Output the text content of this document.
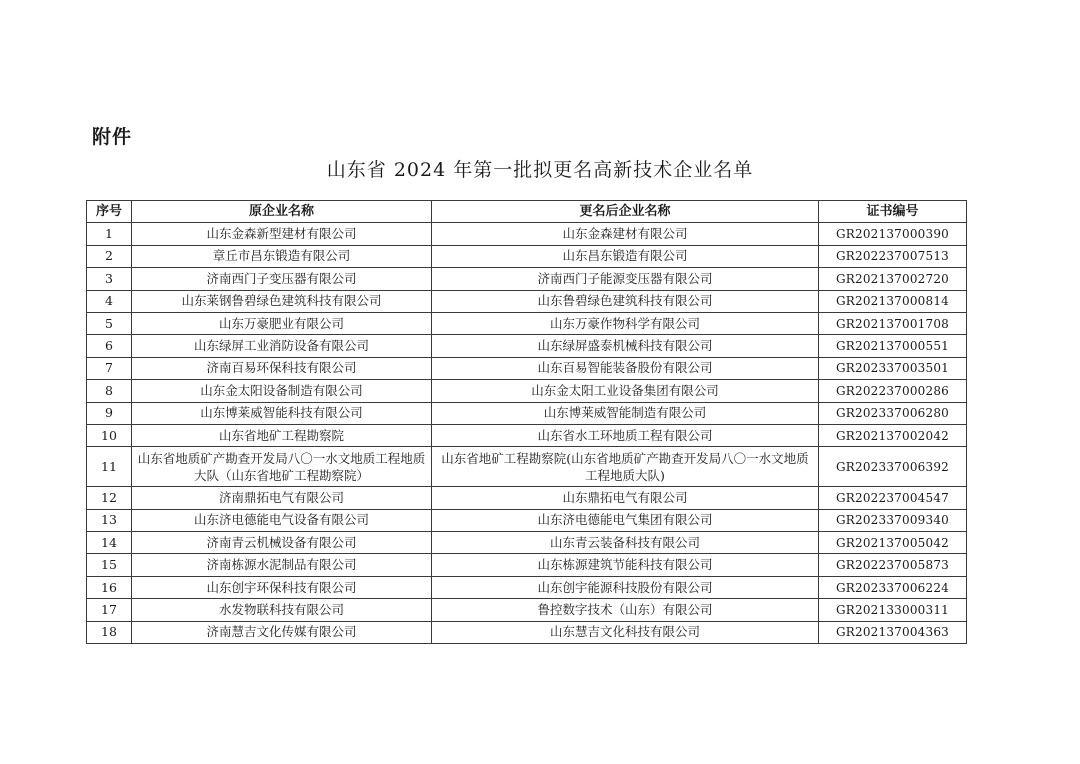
附件
山东省 2024 年第一批拟更名高新技术企业名单
序号	原企业名称	更名后企业名称	证书编号
1	山东金森新型建材有限公司	山东金森建材有限公司	GR202137000390
2	章丘市昌东锻造有限公司	山东昌东锻造有限公司	GR202237007513
3	济南西门子变压器有限公司	济南西门子能源变压器有限公司	GR202137002720
4	山东莱钢鲁碧绿色建筑科技有限公司	山东鲁碧绿色建筑科技有限公司	GR202137000814
5	山东万豪肥业有限公司	山东万豪作物科学有限公司	GR202137001708
6	山东绿屏工业消防设备有限公司	山东绿屏盛泰机械科技有限公司	GR202137000551
7	济南百易环保科技有限公司	山东百易智能装备股份有限公司	GR202337003501
8	山东金太阳设备制造有限公司	山东金太阳工业设备集团有限公司	GR202237000286
9	山东博莱威智能科技有限公司	山东博莱威智能制造有限公司	GR202337006280
10	山东省地矿工程勘察院	山东省水工环地质工程有限公司	GR202137002042
11	山东省地质矿产勘查开发局八〇一水文地质工程地质大队（山东省地矿工程勘察院）	山东省地矿工程勘察院(山东省地质矿产勘查开发局八〇一水文地质工程地质大队)	GR202337006392
12	济南鼎拓电气有限公司	山东鼎拓电气有限公司	GR202237004547
13	山东济电德能电气设备有限公司	山东济电德能电气集团有限公司	GR202337009340
14	济南青云机械设备有限公司	山东青云装备科技有限公司	GR202137005042
15	济南栋源水泥制品有限公司	山东栋源建筑节能科技有限公司	GR202237005873
16	山东创宇环保科技有限公司	山东创宇能源科技股份有限公司	GR202337006224
17	水发物联科技有限公司	鲁控数字技术（山东）有限公司	GR202133000311
18	济南慧吉文化传媒有限公司	山东慧吉文化科技有限公司	GR202137004363
